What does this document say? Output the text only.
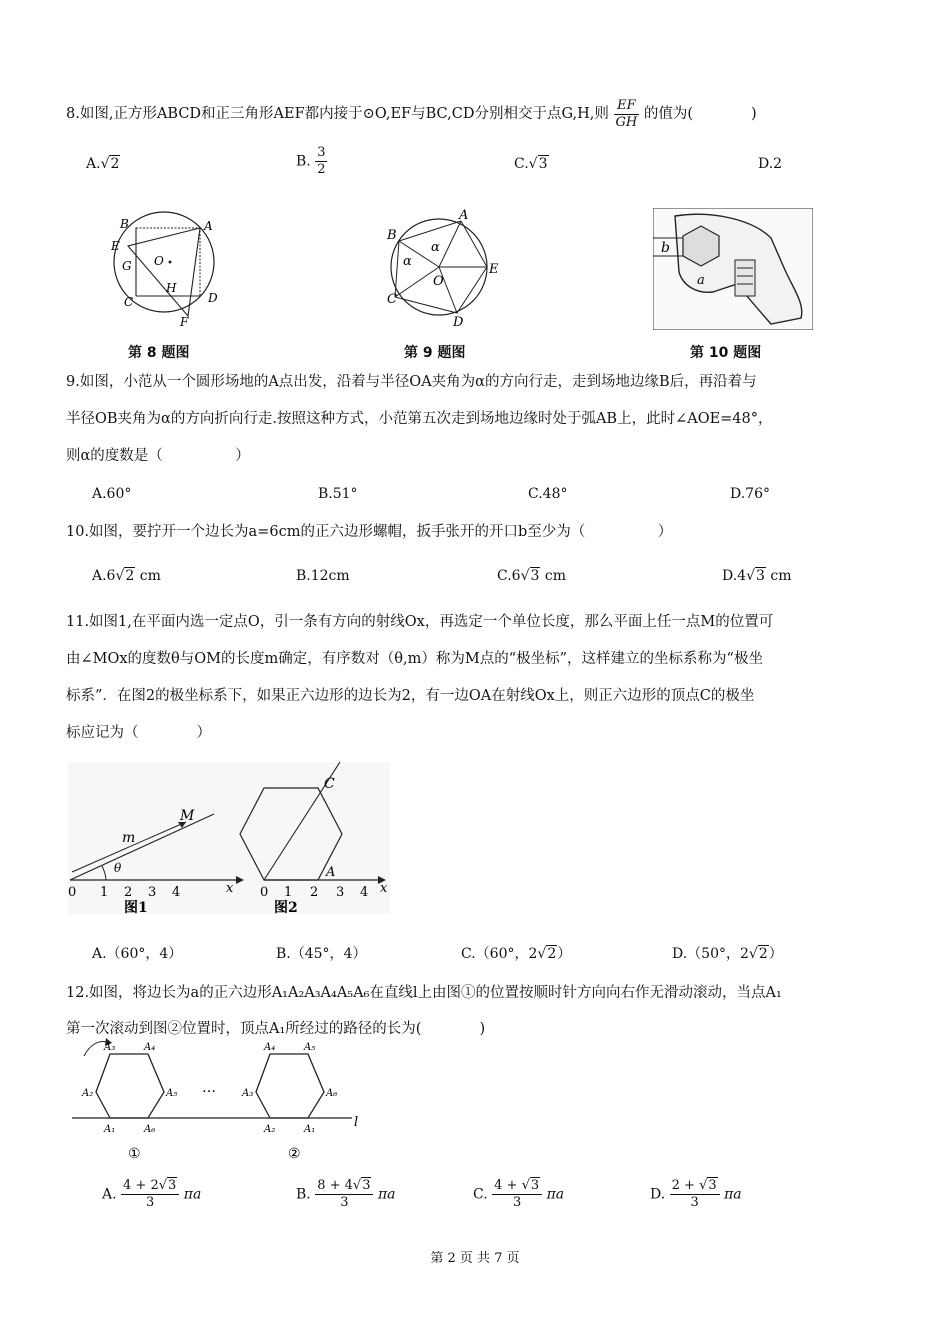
8.如图,正方形ABCD和正三角形AEF都内接于⊙O,EF与BC,CD分别相交于点G,H,则 $\frac{EF}{GH}$ 的值为(　　　　)
A.√2	B. $\frac{3}{2}$	C.√3	D.2
B	A
E
G O
H
C	D
F
A
B
C
D
E
O
α
α
b
a
第 8 题图	第 9 题图	第 10 题图
9.如图，小范从一个圆形场地的A点出发，沿着与半径OA夹角为α的方向行走，走到场地边缘B后，再沿着与
半径OB夹角为α的方向折向行走.按照这种方式，小范第五次走到场地边缘时处于弧AB上，此时∠AOE=48°，
则α的度数是（　　　　　）
A.60°	B.51°	C.48°	D.76°
10.如图，要拧开一个边长为a=6cm的正六边形螺帽，扳手张开的开口b至少为（　　　　　）
A.6√2 cm	B.12cm	C.6√3 cm	D.4√3 cm
11.如图1,在平面内选一定点O，引一条有方向的射线Ox，再选定一个单位长度，那么平面上任一点M的位置可
由∠MOx的度数θ与OM的长度m确定，有序数对（θ,m）称为M点的“极坐标”，这样建立的坐标系称为“极坐
标系”．在图2的极坐标系下，如果正六边形的边长为2，有一边OA在射线Ox上，则正六边形的顶点C的极坐
标应记为（　　　　）
m
M
θ
0 1 2 3 4	x
图1
C
A
0 1 2 3 4 x
图2
A.（60°，4）	B.（45°，4）	C.（60°，2√2）	D.（50°，2√2）
12.如图，将边长为a的正六边形A₁A₂A₃A₄A₅A₆在直线l上由图①的位置按顺时针方向向右作无滑动滚动，当点A₁
第一次滚动到图②位置时，顶点A₁所经过的路径的长为(　　　　)
l
A₃	A₄
A₂	A₅
A₁	A₆
①
…
A₄	A₅
A₃	A₆
A₂	A₁
②
A. $\frac{4 + 2√3}{3}$ πa	B. $\frac{8 + 4√3}{3}$ πa	C. $\frac{4 + √3}{3}$ πa	D. $\frac{2 + √3}{3}$ πa
第 2 页 共 7 页
